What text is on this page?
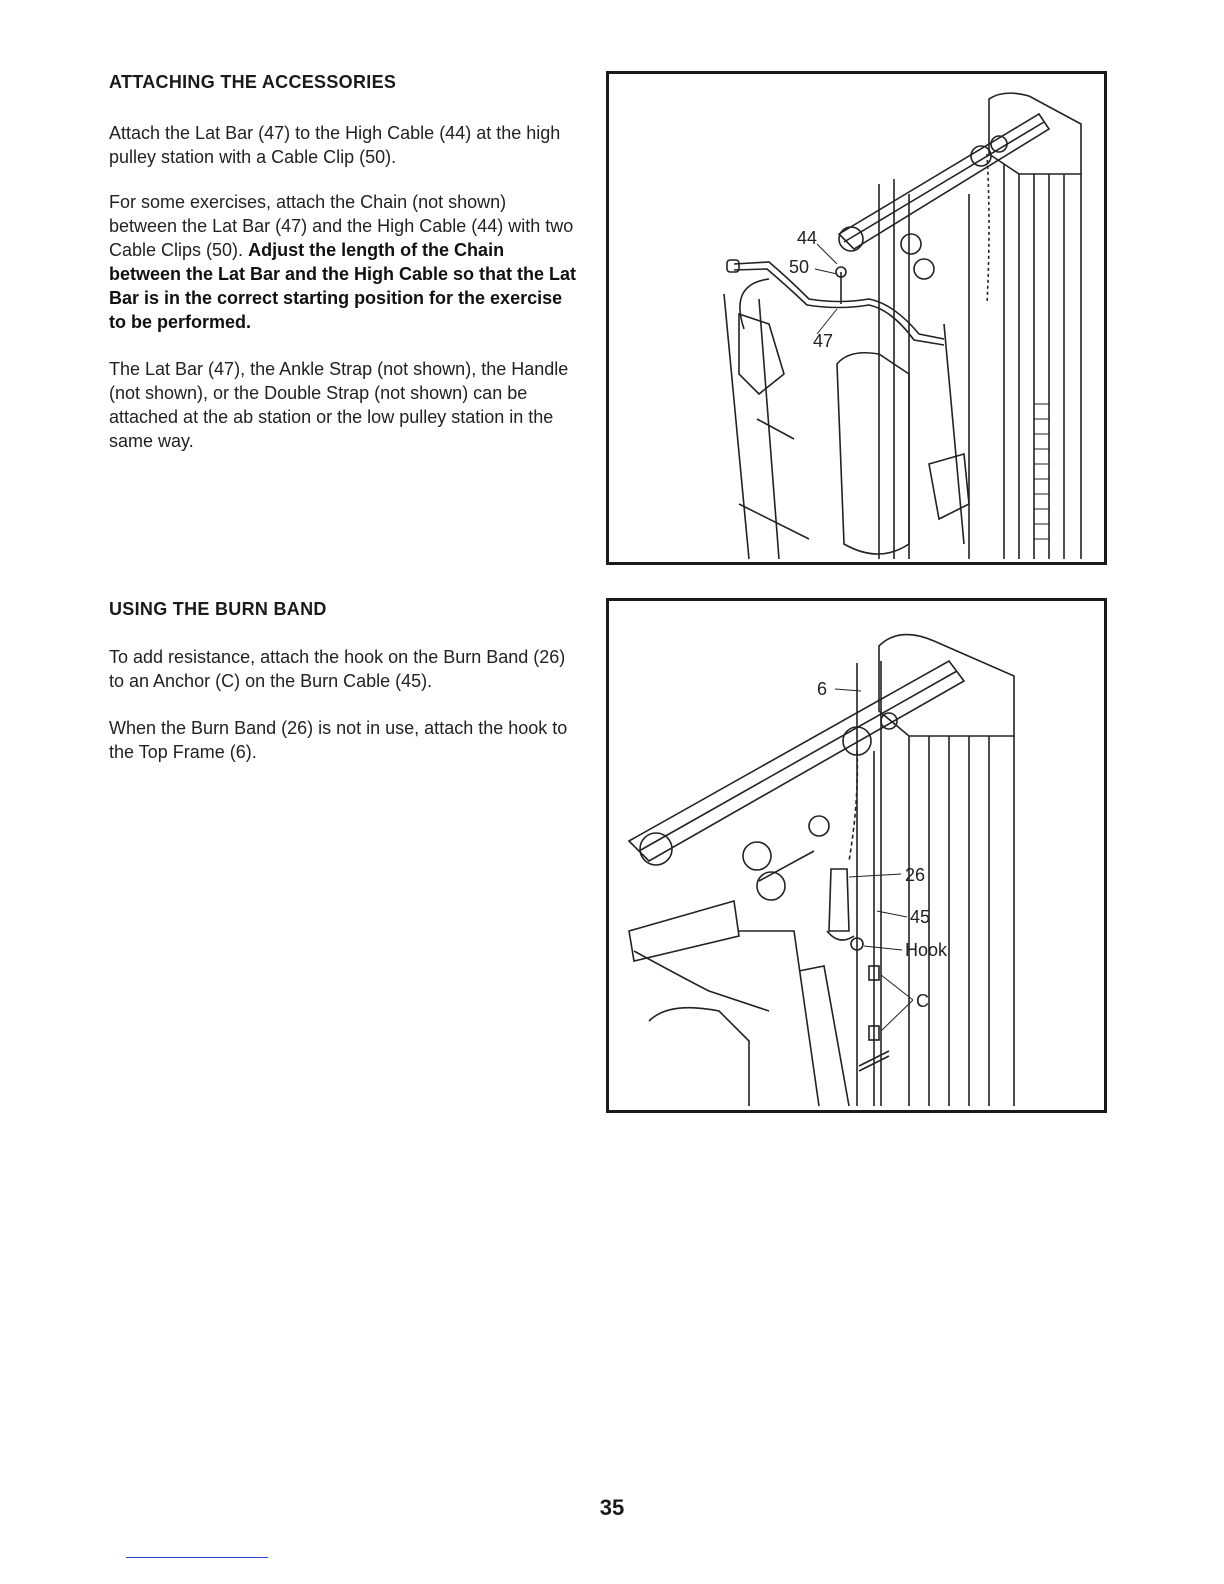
ATTACHING THE ACCESSORIES

Attach the Lat Bar (47) to the High Cable (44) at the high pulley station with a Cable Clip (50).

For some exercises, attach the Chain (not shown) between the Lat Bar (47) and the High Cable (44) with two Cable Clips (50). Adjust the length of the Chain between the Lat Bar and the High Cable so that the Lat Bar is in the correct starting position for the exercise to be performed.

The Lat Bar (47), the Ankle Strap (not shown), the Handle (not shown), or the Double Strap (not shown) can be attached at the ab station or the low pulley station in the same way.

44
50
47
USING THE BURN BAND

To add resistance, attach the hook on the Burn Band (26) to an Anchor (C) on the Burn Cable (45).

When the Burn Band (26) is not in use, attach the hook to the Top Frame (6).

6
26
45
Hook
C

35
